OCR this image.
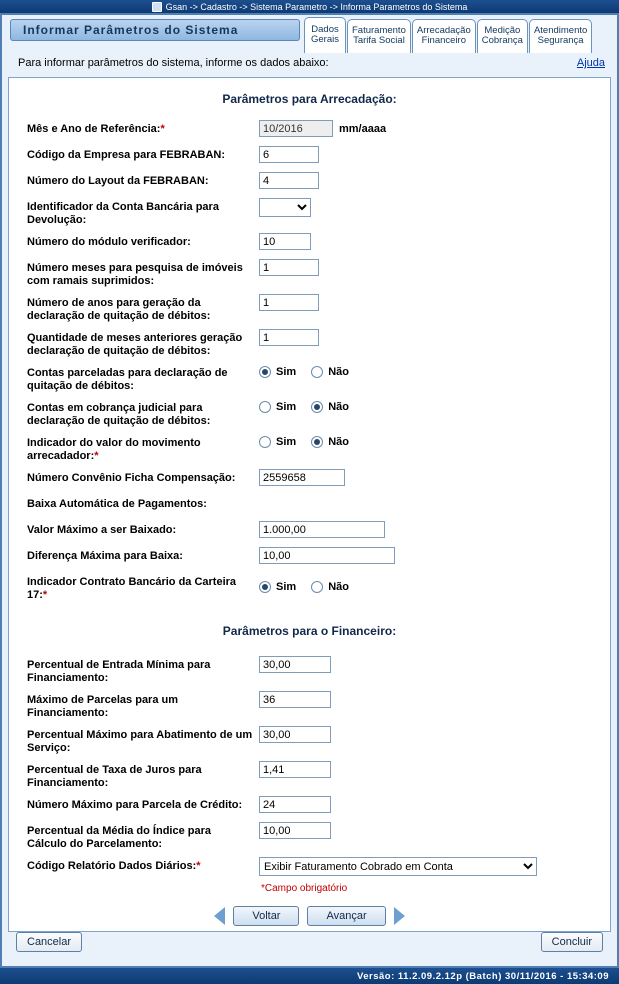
Gsan -> Cadastro -> Sistema Parametro -> Informa Parametros do Sistema
Informar Parâmetros do Sistema	Dados
Gerais
Faturamento
Tarifa Social
Arrecadação
Financeiro
Medição
Cobrança
Atendimento
Segurança
Para informar parâmetros do sistema, informe os dados abaixo:	Ajuda
Parâmetros para Arrecadação:
Mês e Ano de Referência:*
10/2016	mm/aaaa
Código da Empresa para FEBRABAN:
6
Número do Layout da FEBRABAN:
4
Identificador da Conta Bancária para Devolução:
Número do módulo verificador:
10
Número meses para pesquisa de imóveis com ramais suprimidos:
1
Número de anos para geração da declaração de quitação de débitos:
1
Quantidade de meses anteriores geração declaração de quitação de débitos:
1
Contas parceladas para declaração de quitação de débitos:
Sim	Não
Contas em cobrança judicial para declaração de quitação de débitos:
Sim	Não
Indicador do valor do movimento arrecadador:*
Sim	Não
Número Convênio Ficha Compensação:
2559658
Baixa Automática de Pagamentos:
Valor Máximo a ser Baixado:
1.000,00
Diferença Máxima para Baixa:
10,00
Indicador Contrato Bancário da Carteira 17:*
Sim	Não
Parâmetros para o Financeiro:
Percentual de Entrada Mínima para Financiamento:
30,00
Máximo de Parcelas para um Financiamento:
36
Percentual Máximo para Abatimento de um Serviço:
30,00
Percentual de Taxa de Juros para Financiamento:
1,41
Número Máximo para Parcela de Crédito:
24
Percentual da Média do Índice para Cálculo do Parcelamento:
10,00
Código Relatório Dados Diários:*
Exibir Faturamento Cobrado em Conta
*Campo obrigatório
Voltar	Avançar
Cancelar	Concluir
Versão: 11.2.09.2.12p (Batch) 30/11/2016 - 15:34:09
